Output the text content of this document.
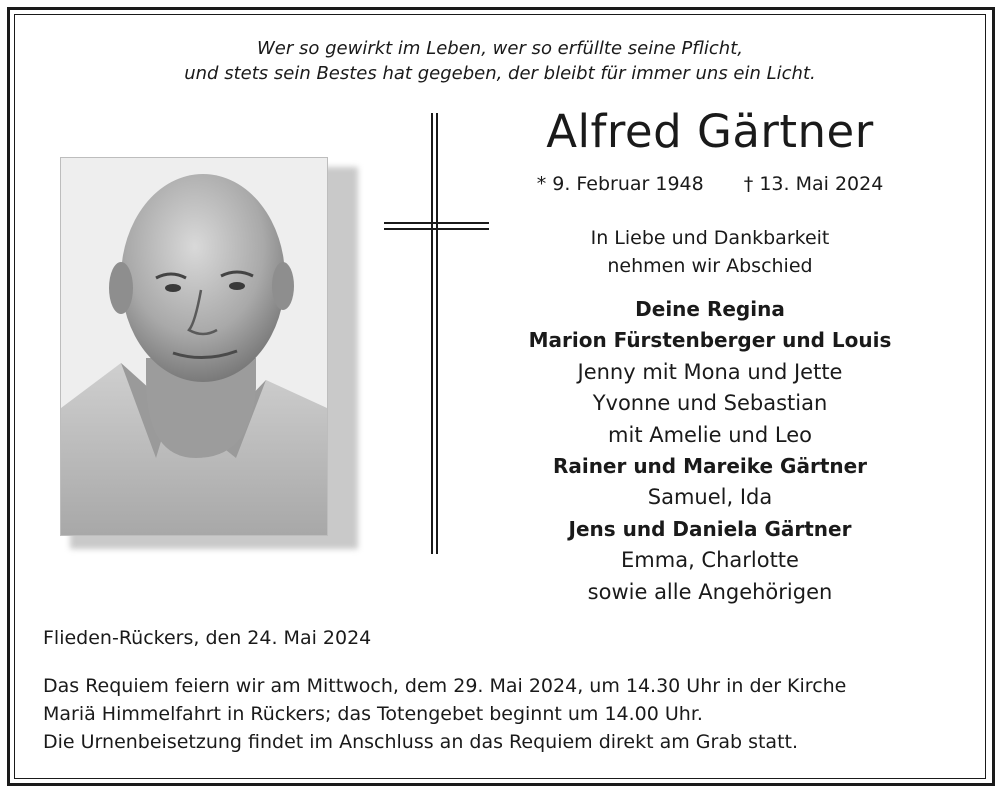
Wer so gewirkt im Leben, wer so erfüllte seine Pflicht,
und stets sein Bestes hat gegeben, der bleibt für immer uns ein Licht.
Alfred Gärtner
* 9. Februar 1948 † 13. Mai 2024
In Liebe und Dankbarkeit
nehmen wir Abschied
Deine Regina
Marion Fürstenberger und Louis
Jenny mit Mona und Jette
Yvonne und Sebastian
mit Amelie und Leo
Rainer und Mareike Gärtner
Samuel, Ida
Jens und Daniela Gärtner
Emma, Charlotte
sowie alle Angehörigen
Flieden-Rückers, den 24. Mai 2024
Das Requiem feiern wir am Mittwoch, dem 29. Mai 2024, um 14.30 Uhr in der Kirche
Mariä Himmelfahrt in Rückers; das Totengebet beginnt um 14.00 Uhr.
Die Urnenbeisetzung findet im Anschluss an das Requiem direkt am Grab statt.
